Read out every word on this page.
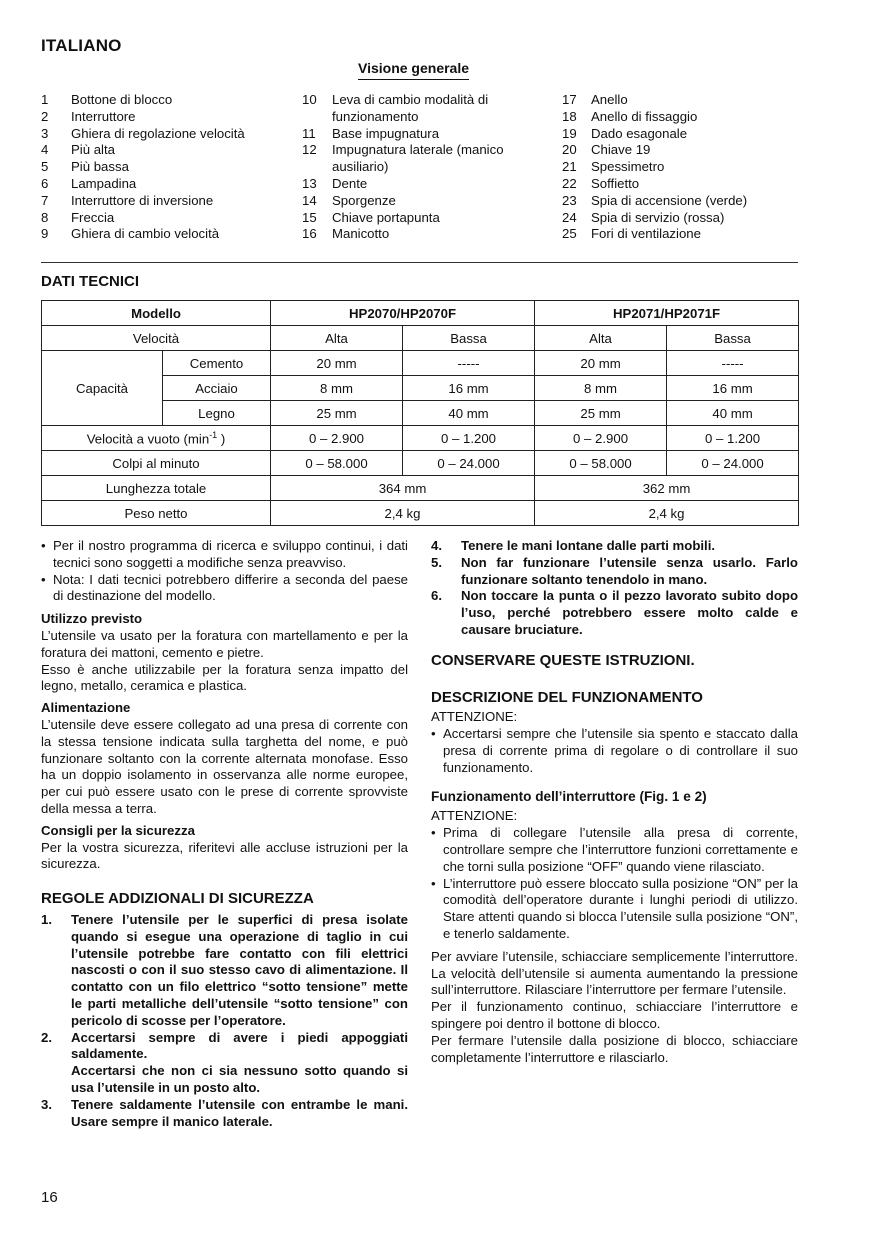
ITALIANO
Visione generale
1	Bottone di blocco
2	Interruttore
3	Ghiera di regolazione velocità
4	Più alta
5	Più bassa
6	Lampadina
7	Interruttore di inversione
8	Freccia
9	Ghiera di cambio velocità
10	Leva di cambio modalità di funzionamento
11	Base impugnatura
12	Impugnatura laterale (manico ausiliario)
13	Dente
14	Sporgenze
15	Chiave portapunta
16	Manicotto
17	Anello
18	Anello di fissaggio
19	Dado esagonale
20	Chiave 19
21	Spessimetro
22	Soffietto
23	Spia di accensione (verde)
24	Spia di servizio (rossa)
25	Fori di ventilazione
DATI TECNICI
Modello		HP2070/HP2070F		HP2071/HP2071F	
Velocità		Alta	Bassa	Alta	Bassa
Capacità	Cemento	20 mm	-----	20 mm	-----
	Acciaio	8 mm	16 mm	8 mm	16 mm
	Legno	25 mm	40 mm	25 mm	40 mm
Velocità a vuoto ($\min^{-1}$ )		0 – 2.900	0 – 1.200	0 – 2.900	0 – 1.200
Colpi al minuto		0 – 58.000	0 – 24.000	0 – 58.000	0 – 24.000
Lunghezza totale		364 mm		362 mm	
Peso netto		2,4 kg		2,4 kg	
• Per il nostro programma di ricerca e sviluppo continui, i dati tecnici sono soggetti a modifiche senza preavviso.
• Nota: I dati tecnici potrebbero differire a seconda del paese di destinazione del modello.
Utilizzo previsto
L’utensile va usato per la foratura con martellamento e per la foratura dei mattoni, cemento e pietre.
Esso è anche utilizzabile per la foratura senza impatto del legno, metallo, ceramica e plastica.
Alimentazione
L’utensile deve essere collegato ad una presa di corrente con la stessa tensione indicata sulla targhetta del nome, e può funzionare soltanto con la corrente alternata monofase. Esso ha un doppio isolamento in osservanza alle norme europee, per cui può essere usato con le prese di corrente sprovviste della messa a terra.
Consigli per la sicurezza
Per la vostra sicurezza, riferitevi alle accluse istruzioni per la sicurezza.
REGOLE ADDIZIONALI DI SICUREZZA
1.	Tenere l’utensile per le superfici di presa isolate quando si esegue una operazione di taglio in cui l’utensile potrebbe fare contatto con fili elettrici nascosti o con il suo stesso cavo di alimentazione. Il contatto con un filo elettrico “sotto tensione” mette le parti metalliche dell’utensile “sotto tensione” con pericolo di scosse per l’operatore.
2.	Accertarsi sempre di avere i piedi appoggiati saldamente.
Accertarsi che non ci sia nessuno sotto quando si usa l’utensile in un posto alto.
3.	Tenere saldamente l’utensile con entrambe le mani. Usare sempre il manico laterale.
4.	Tenere le mani lontane dalle parti mobili.
5.	Non far funzionare l’utensile senza usarlo. Farlo funzionare soltanto tenendolo in mano.
6.	Non toccare la punta o il pezzo lavorato subito dopo l’uso, perché potrebbero essere molto calde e causare bruciature.
CONSERVARE QUESTE ISTRUZIONI.
DESCRIZIONE DEL FUNZIONAMENTO
ATTENZIONE:
• Accertarsi sempre che l’utensile sia spento e staccato dalla presa di corrente prima di regolare o di controllare il suo funzionamento.
Funzionamento dell’interruttore (Fig. 1 e 2)
ATTENZIONE:
• Prima di collegare l’utensile alla presa di corrente, controllare sempre che l’interruttore funzioni correttamente e che torni sulla posizione “OFF” quando viene rilasciato.
• L’interruttore può essere bloccato sulla posizione “ON” per la comodità dell’operatore durante i lunghi periodi di utilizzo. Stare attenti quando si blocca l’utensile sulla posizione “ON”, e tenerlo saldamente.
Per avviare l’utensile, schiacciare semplicemente l’interruttore. La velocità dell’utensile si aumenta aumentando la pressione sull’interruttore. Rilasciare l’interruttore per fermare l’utensile.
Per il funzionamento continuo, schiacciare l’interruttore e spingere poi dentro il bottone di blocco.
Per fermare l’utensile dalla posizione di blocco, schiacciare completamente l’interruttore e rilasciarlo.
16
